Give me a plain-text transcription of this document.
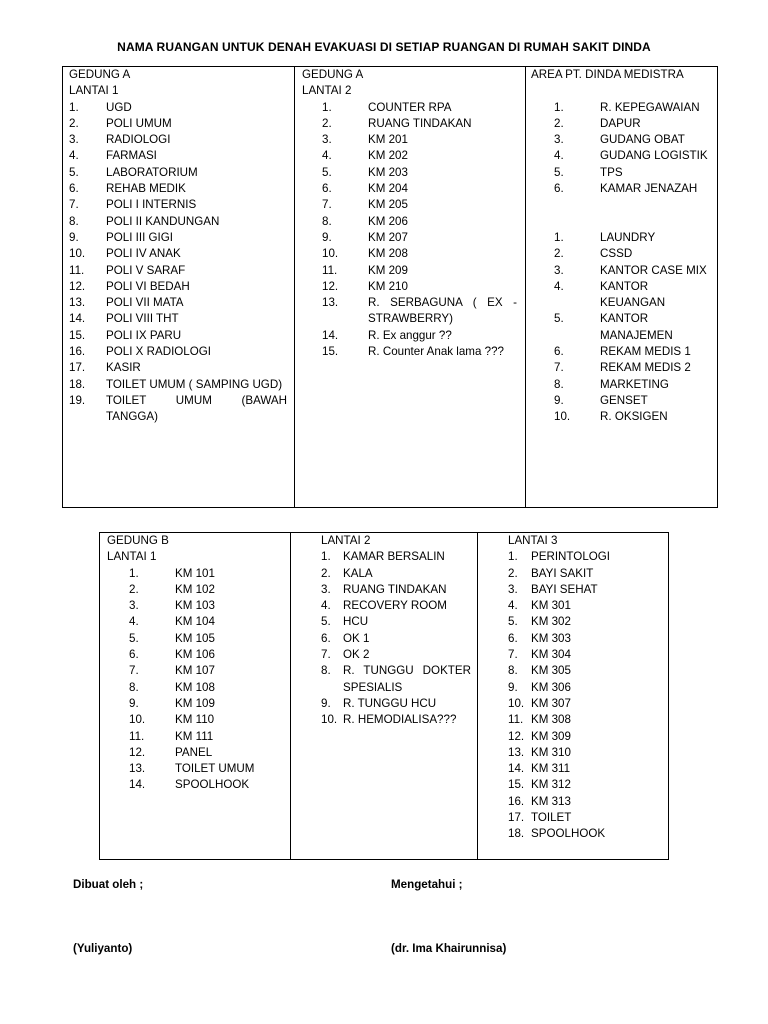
NAMA RUANGAN UNTUK DENAH EVAKUASI DI SETIAP RUANGAN DI RUMAH SAKIT DINDA
GEDUNG A
LANTAI 1
1. UGD
2. POLI UMUM
3. RADIOLOGI
4. FARMASI
5. LABORATORIUM
6. REHAB MEDIK
7. POLI I INTERNIS
8. POLI II KANDUNGAN
9. POLI III GIGI
10. POLI IV ANAK
11. POLI V SARAF
12. POLI VI BEDAH
13. POLI VII MATA
14. POLI VIII THT
15. POLI IX PARU
16. POLI X RADIOLOGI
17. KASIR
18. TOILET UMUM ( SAMPING UGD)
19. TOILET UMUM (BAWAH TANGGA)
GEDUNG A
LANTAI 2
1.	COUNTER RPA
2.	RUANG TINDAKAN
3.	KM 201
4.	KM 202
5.	KM 203
6.	KM 204
7.	KM 205
8.	KM 206
9.	KM 207
10.	KM 208
11.	KM 209
12.	KM 210
13.	R. SERBAGUNA ( EX - STRAWBERRY)
14.	R. Ex anggur ??
15.	R. Counter Anak lama ???
AREA PT. DINDA MEDISTRA
1.	R. KEPEGAWAIAN
2.	DAPUR
3.	GUDANG OBAT
4.	GUDANG LOGISTIK
5.	TPS
6.	KAMAR JENAZAH
1.	LAUNDRY
2.	CSSD
3.	KANTOR CASE MIX
4.	KANTOR KEUANGAN
5.	KANTOR MANAJEMEN
6.	REKAM MEDIS 1
7.	REKAM MEDIS 2
8.	MARKETING
9.	GENSET
10.	R. OKSIGEN
GEDUNG B
LANTAI 1
1.	KM 101
2.	KM 102
3.	KM 103
4.	KM 104
5.	KM 105
6.	KM 106
7.	KM 107
8.	KM 108
9.	KM 109
10.	KM 110
11.	KM 111
12.	PANEL
13.	TOILET UMUM
14.	SPOOLHOOK
LANTAI 2
1. KAMAR BERSALIN
2. KALA
3. RUANG TINDAKAN
4. RECOVERY ROOM
5. HCU
6. OK 1
7. OK 2
8. R. TUNGGU DOKTER SPESIALIS
9. R. TUNGGU HCU
10. R. HEMODIALISA???
LANTAI 3
1. PERINTOLOGI
2. BAYI SAKIT
3. BAYI SEHAT
4. KM 301
5. KM 302
6. KM 303
7. KM 304
8. KM 305
9. KM 306
10. KM 307
11. KM 308
12. KM 309
13. KM 310
14. KM 311
15. KM 312
16. KM 313
17. TOILET
18. SPOOLHOOK
Dibuat oleh ;	Mengetahui ;
(Yuliyanto)	(dr. Ima Khairunnisa)
